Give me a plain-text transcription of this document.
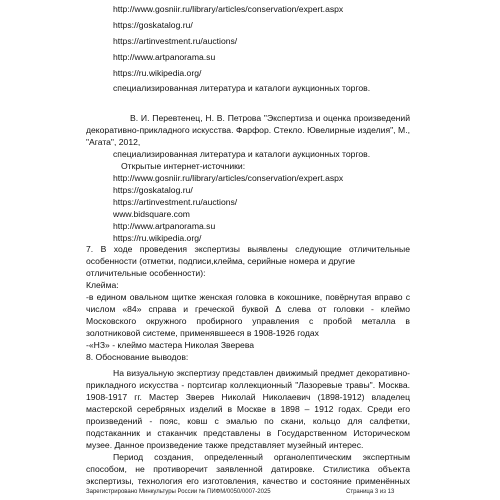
http://www.gosniir.ru/library/articles/conservation/expert.aspx
https://goskatalog.ru/
https://artinvestment.ru/auctions/
http://www.artpanorama.su
https://ru.wikipedia.org/
специализированная литература и каталоги аукционных торгов.
В. И. Перевтенец, Н. В. Петрова "Экспертиза и оценка произведений
декоративно-прикладного искусства. Фарфор. Стекло. Ювелирные изделия", М.,
"Агата", 2012,
специализированная литература и каталоги аукционных торгов.
Открытые интернет-источники:
http://www.gosniir.ru/library/articles/conservation/expert.aspx
https://goskatalog.ru/
https://artinvestment.ru/auctions/
www.bidsquare.com
http://www.artpanorama.su
https://ru.wikipedia.org/
7. В ходе проведения экспертизы выявлены следующие отличительные
особенности (отметки, подписи,клейма, серийные номера и другие
отличительные особенности):
Клейма:
-в едином овальном щитке женская головка в кокошнике, повёрнутая вправо с
числом «84» справа и греческой буквой Δ слева от головки - клеймо
Московского окружного пробирного управления с пробой металла в
золотниковой системе, применявшееся в 1908-1926 годах
-«НЗ» - клеймо мастера Николая Зверева
8. Обоснование выводов:
На визуальную экспертизу представлен движимый предмет декоративно-
прикладного искусства - портсигар коллекционный "Лазоревые травы". Москва.
1908-1917 гг. Мастер Зверев Николай Николаевич (1898-1912) владелец
мастерской серебряных изделий в Москве в 1898 – 1912 годах. Среди его
произведений - пояс, ковш с эмалью по скани, кольцо для салфетки,
подстаканник и стаканчик представлены в Государственном Историческом
музее. Данное произведение также представляет музейный интерес.
Период создания, определенный органолептическим экспертным
способом, не противоречит заявленной датировке. Стилистика объекта
экспертизы, технология его изготовления, качество и состояние применённых
Зарегистрировано Минкультуры России № ПИФМ/0050/0007-2025	Страница 3 из 13
